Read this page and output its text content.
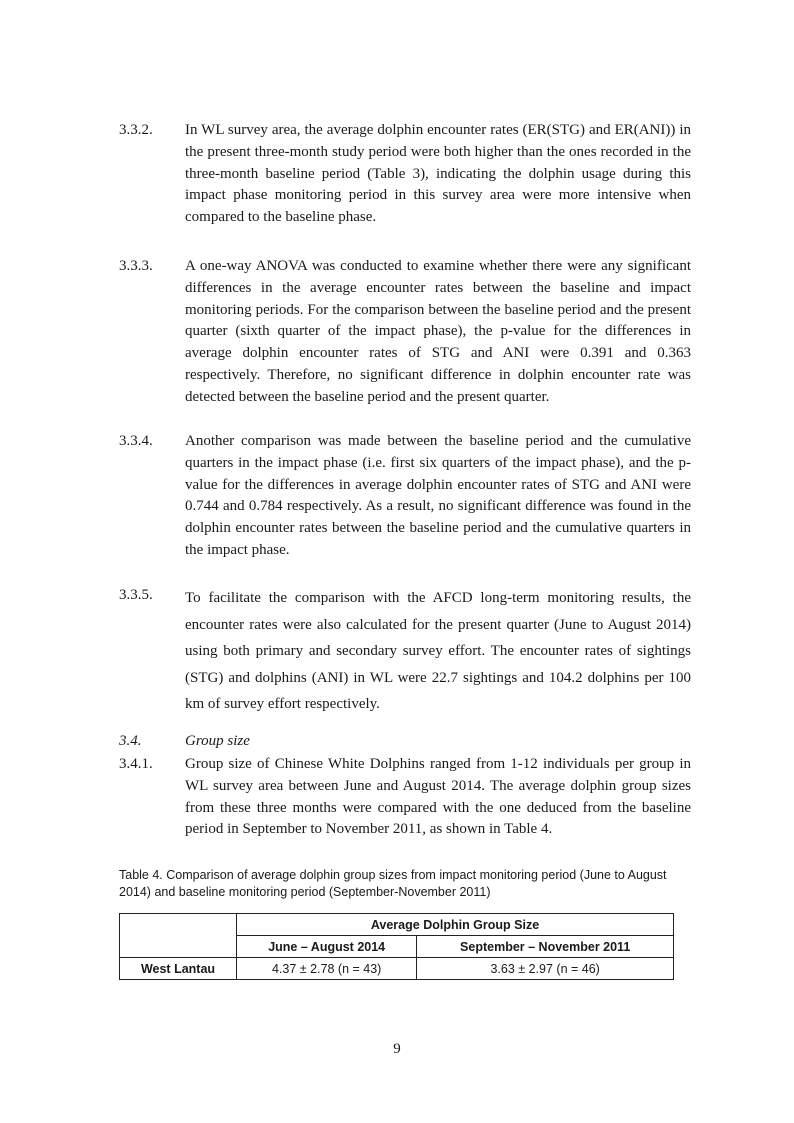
3.3.2.	In WL survey area, the average dolphin encounter rates (ER(STG) and ER(ANI)) in the present three-month study period were both higher than the ones recorded in the three-month baseline period (Table 3), indicating the dolphin usage during this impact phase monitoring period in this survey area were more intensive when compared to the baseline phase.
3.3.3.	A one-way ANOVA was conducted to examine whether there were any significant differences in the average encounter rates between the baseline and impact monitoring periods. For the comparison between the baseline period and the present quarter (sixth quarter of the impact phase), the p-value for the differences in average dolphin encounter rates of STG and ANI were 0.391 and 0.363 respectively. Therefore, no significant difference in dolphin encounter rate was detected between the baseline period and the present quarter.
3.3.4.	Another comparison was made between the baseline period and the cumulative quarters in the impact phase (i.e. first six quarters of the impact phase), and the p-value for the differences in average dolphin encounter rates of STG and ANI were 0.744 and 0.784 respectively. As a result, no significant difference was found in the dolphin encounter rates between the baseline period and the cumulative quarters in the impact phase.
3.3.5.	To facilitate the comparison with the AFCD long-term monitoring results, the encounter rates were also calculated for the present quarter (June to August 2014) using both primary and secondary survey effort. The encounter rates of sightings (STG) and dolphins (ANI) in WL were 22.7 sightings and 104.2 dolphins per 100 km of survey effort respectively.
3.4.	Group size
3.4.1.	Group size of Chinese White Dolphins ranged from 1-12 individuals per group in WL survey area between June and August 2014. The average dolphin group sizes from these three months were compared with the one deduced from the baseline period in September to November 2011, as shown in Table 4.
Table 4. Comparison of average dolphin group sizes from impact monitoring period (June to August 2014) and baseline monitoring period (September-November 2011)
	Average Dolphin Group Size	
	June – August 2014	September – November 2011
West Lantau	4.37 ± 2.78 (n = 43)	3.63 ± 2.97 (n = 46)
9
